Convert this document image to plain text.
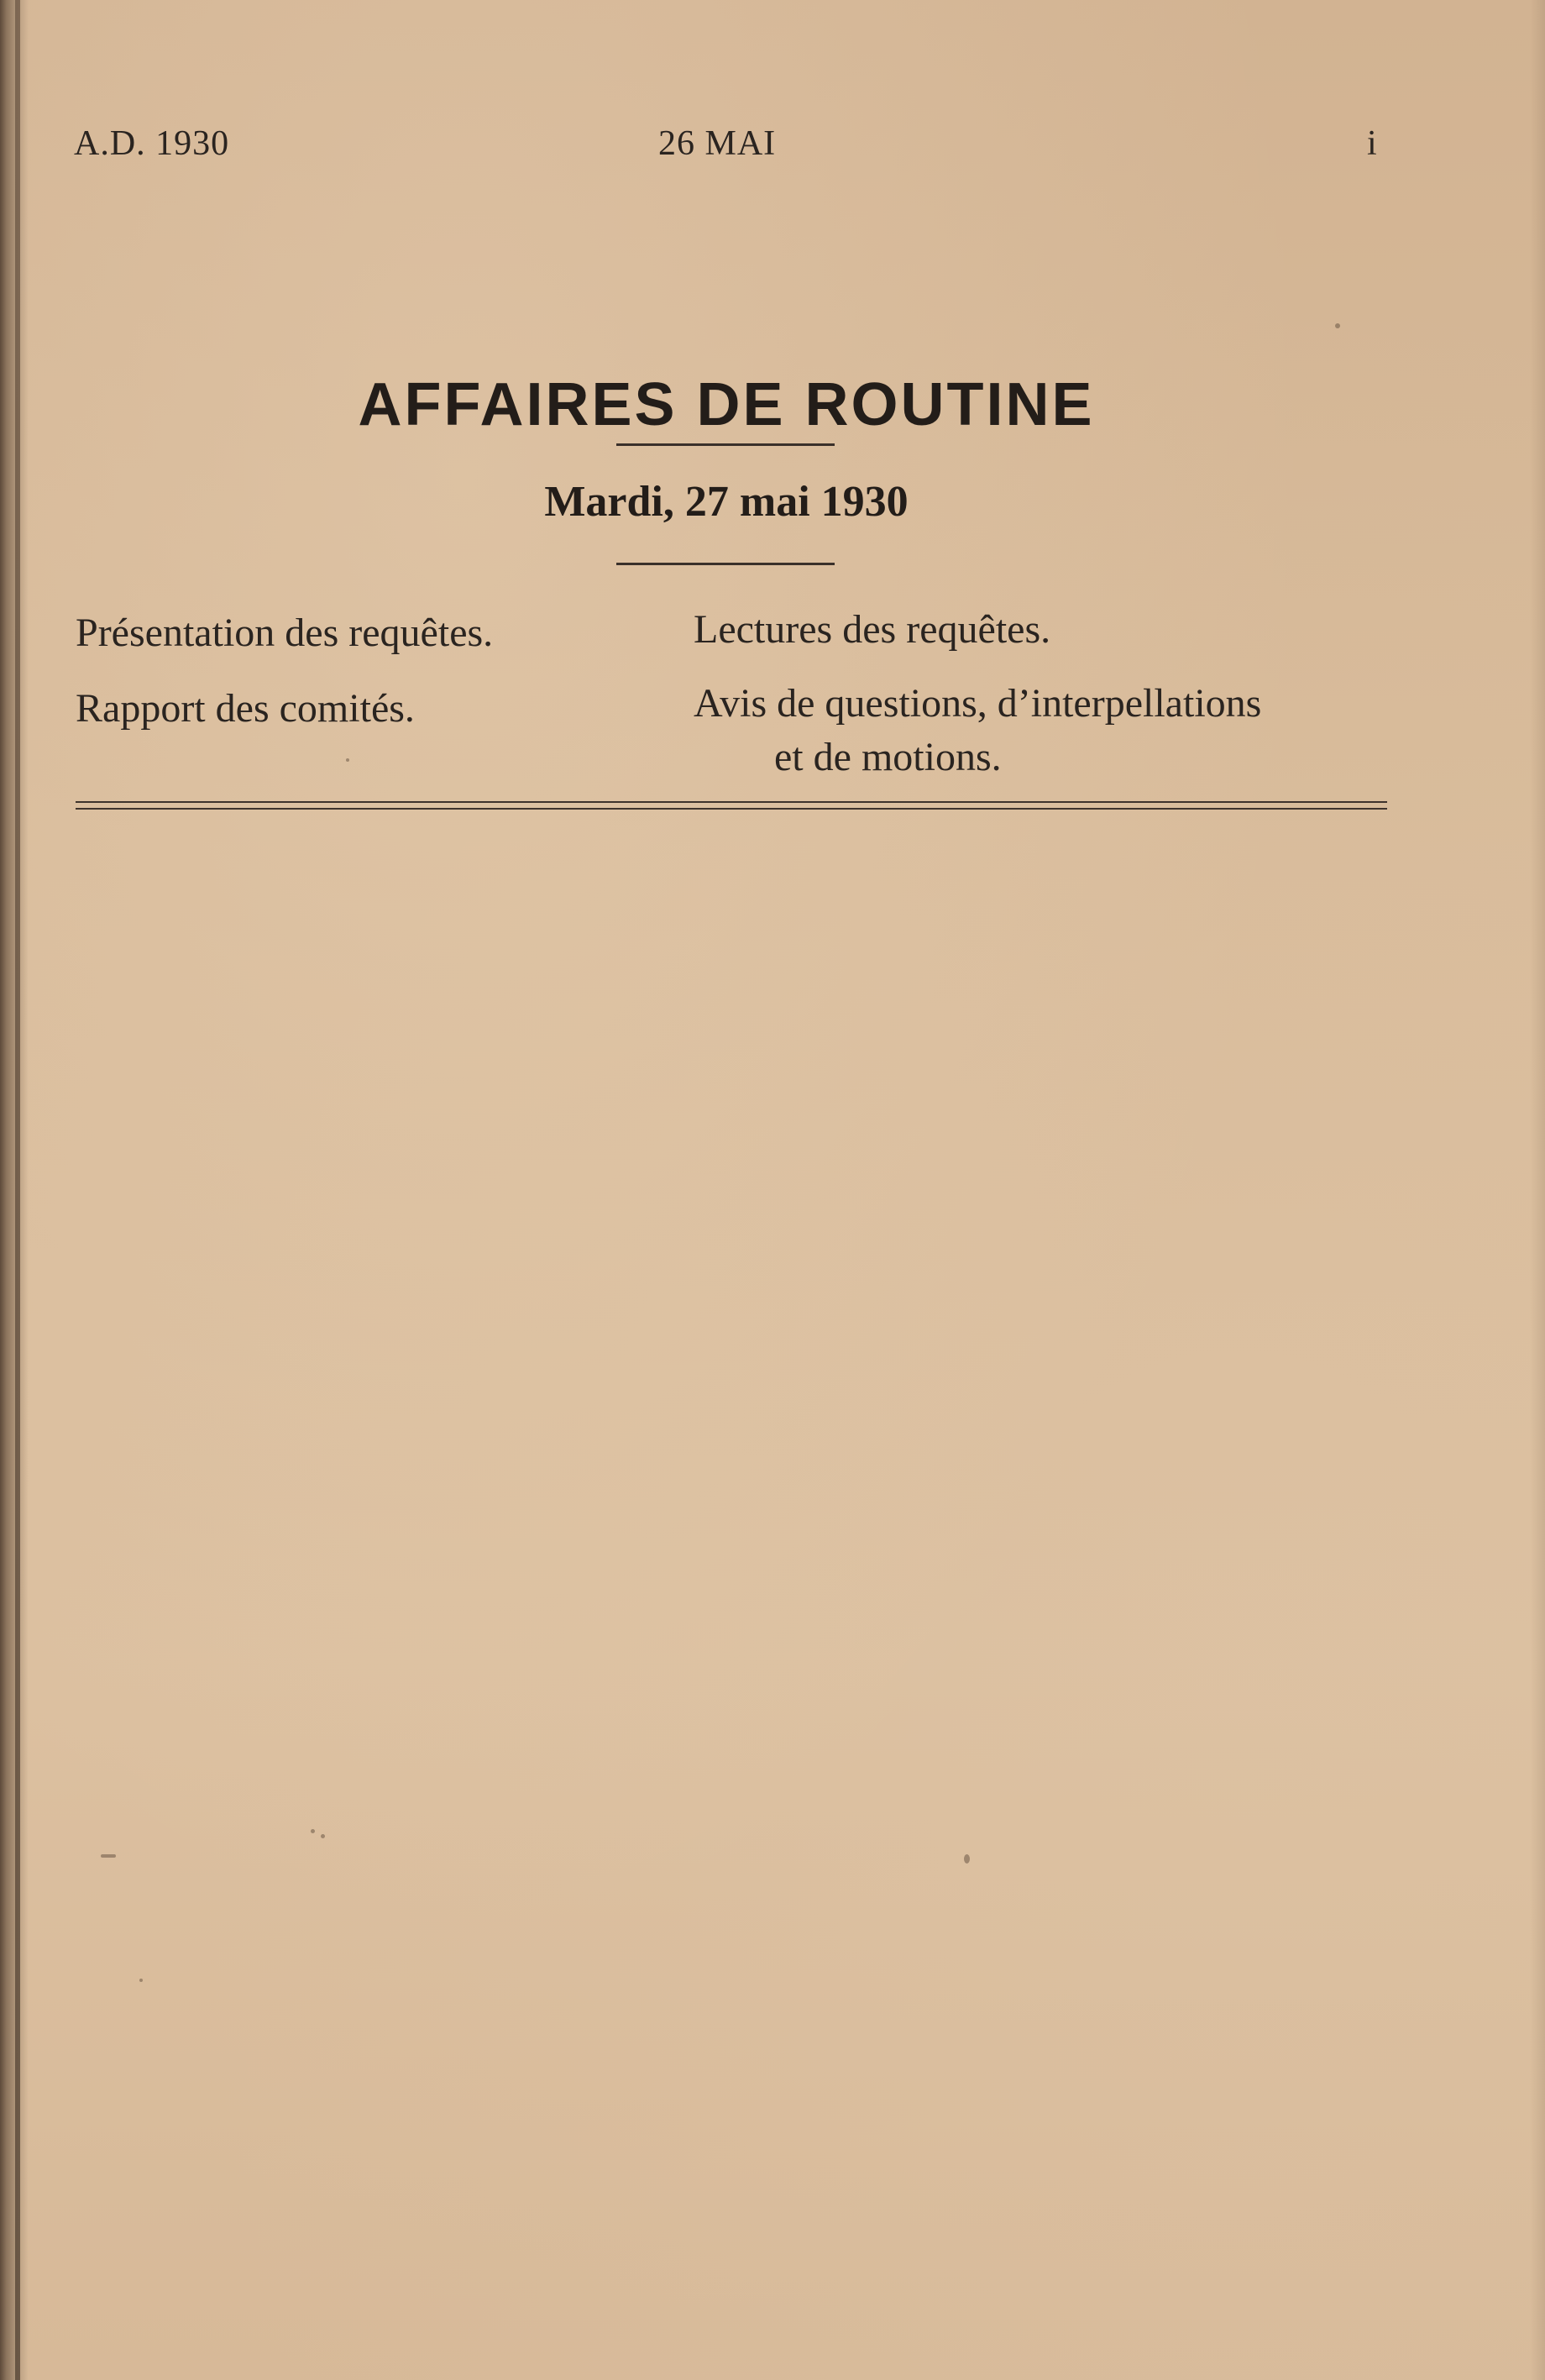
A.D. 1930	26 MAI	i
AFFAIRES DE ROUTINE
Mardi, 27 mai 1930
Présentation des requêtes.	Lectures des requêtes.
Rapport des comités.	Avis de questions, d’interpellations
et de motions.
